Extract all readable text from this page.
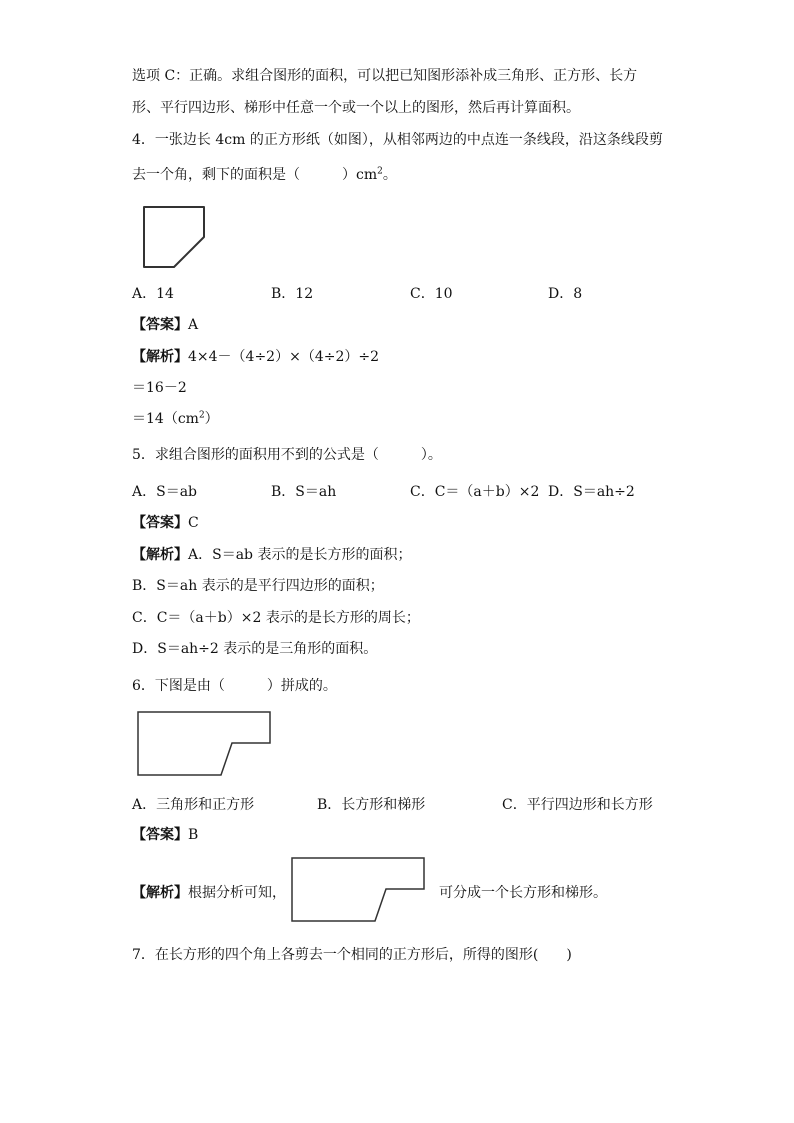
选项 C：正确。求组合图形的面积，可以把已知图形添补成三角形、正方形、长方
形、平行四边形、梯形中任意一个或一个以上的图形，然后再计算面积。
4．一张边长 4cm 的正方形纸（如图），从相邻两边的中点连一条线段，沿这条线段剪
去一个角，剩下的面积是（　　　）$cm^2$。
A．14	B．12	C．10	D．8
【答案】A
【解析】4×4－（4÷2）×（4÷2）÷2
＝16－2
$=14(cm^2)$
5．求组合图形的面积用不到的公式是（　　　）。
A．S＝ab	B．S＝ah	C．C＝（a＋b）×2 D．S＝ah÷2
【答案】C
【解析】A．S＝ab 表示的是长方形的面积；
B．S＝ah 表示的是平行四边形的面积；
C．C＝（a＋b）×2 表示的是长方形的周长；
D．S＝ah÷2 表示的是三角形的面积。
6．下图是由（　　　）拼成的。
A．三角形和正方形	B．长方形和梯形	C．平行四边形和长方形
【答案】B
【解析】根据分析可知，	可分成一个长方形和梯形。
7．在长方形的四个角上各剪去一个相同的正方形后，所得的图形(　　)
